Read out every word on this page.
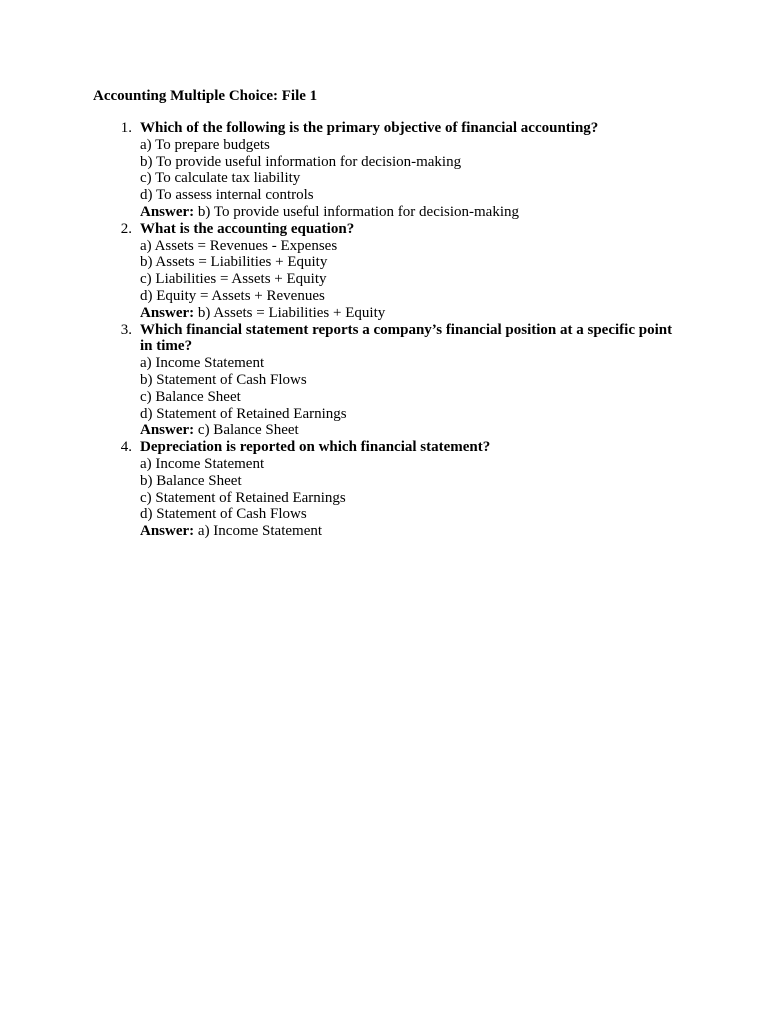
Accounting Multiple Choice: File 1
1. Which of the following is the primary objective of financial accounting?
a) To prepare budgets
b) To provide useful information for decision-making
c) To calculate tax liability
d) To assess internal controls
Answer: b) To provide useful information for decision-making
2. What is the accounting equation?
a) Assets = Revenues - Expenses
b) Assets = Liabilities + Equity
c) Liabilities = Assets + Equity
d) Equity = Assets + Revenues
Answer: b) Assets = Liabilities + Equity
3. Which financial statement reports a company’s financial position at a specific point in time?
a) Income Statement
b) Statement of Cash Flows
c) Balance Sheet
d) Statement of Retained Earnings
Answer: c) Balance Sheet
4. Depreciation is reported on which financial statement?
a) Income Statement
b) Balance Sheet
c) Statement of Retained Earnings
d) Statement of Cash Flows
Answer: a) Income Statement
